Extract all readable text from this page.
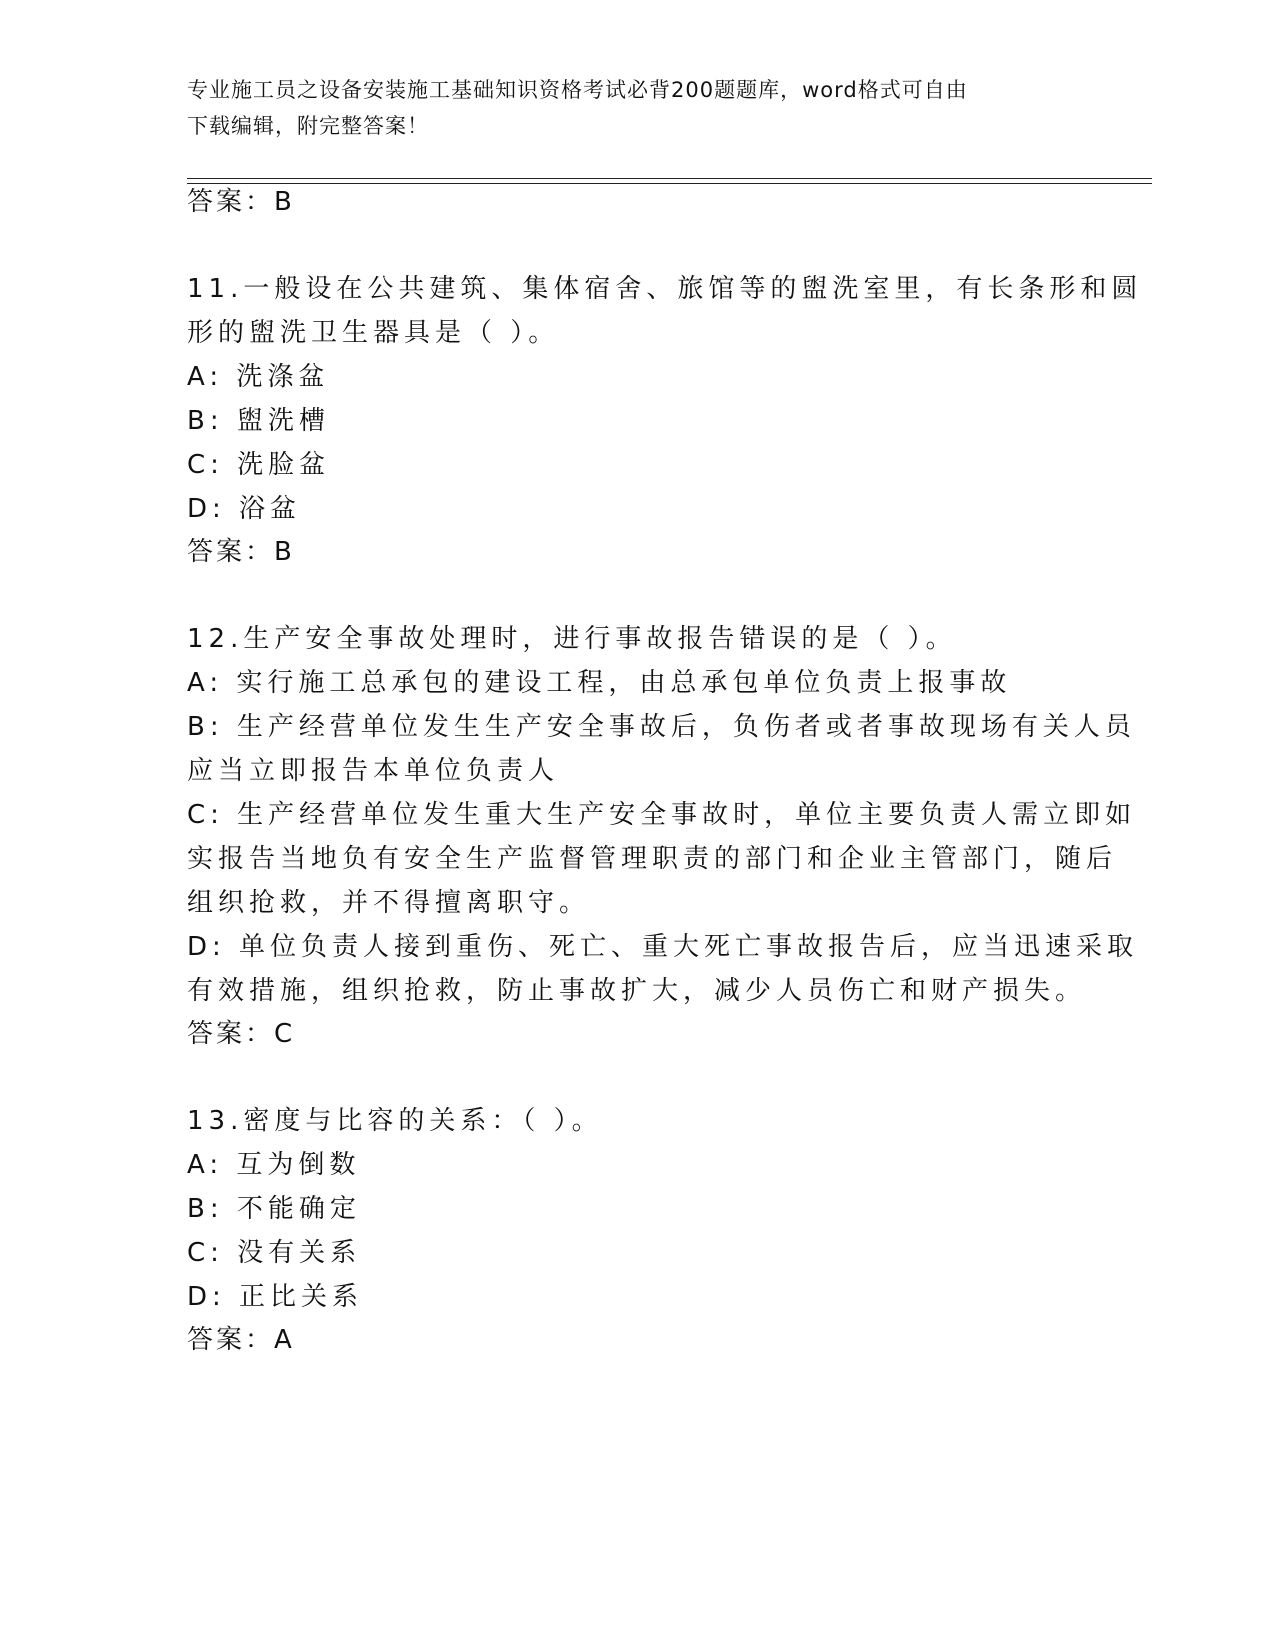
专业施工员之设备安装施工基础知识资格考试必背200题题库，word格式可自由
下载编辑，附完整答案！
答案：B
11.一般设在公共建筑、集体宿舍、旅馆等的盥洗室里，有长条形和圆
形的盥洗卫生器具是（ ）。
A: 洗涤盆
B: 盥洗槽
C: 洗脸盆
D: 浴盆
答案：B
12.生产安全事故处理时，进行事故报告错误的是（ ）。
A: 实行施工总承包的建设工程，由总承包单位负责上报事故
B: 生产经营单位发生生产安全事故后，负伤者或者事故现场有关人员
应当立即报告本单位负责人
C: 生产经营单位发生重大生产安全事故时，单位主要负责人需立即如
实报告当地负有安全生产监督管理职责的部门和企业主管部门，随后
组织抢救，并不得擅离职守。
D: 单位负责人接到重伤、死亡、重大死亡事故报告后，应当迅速采取
有效措施，组织抢救，防止事故扩大，减少人员伤亡和财产损失。
答案：C
13.密度与比容的关系：（ ）。
A: 互为倒数
B: 不能确定
C: 没有关系
D: 正比关系
答案：A
